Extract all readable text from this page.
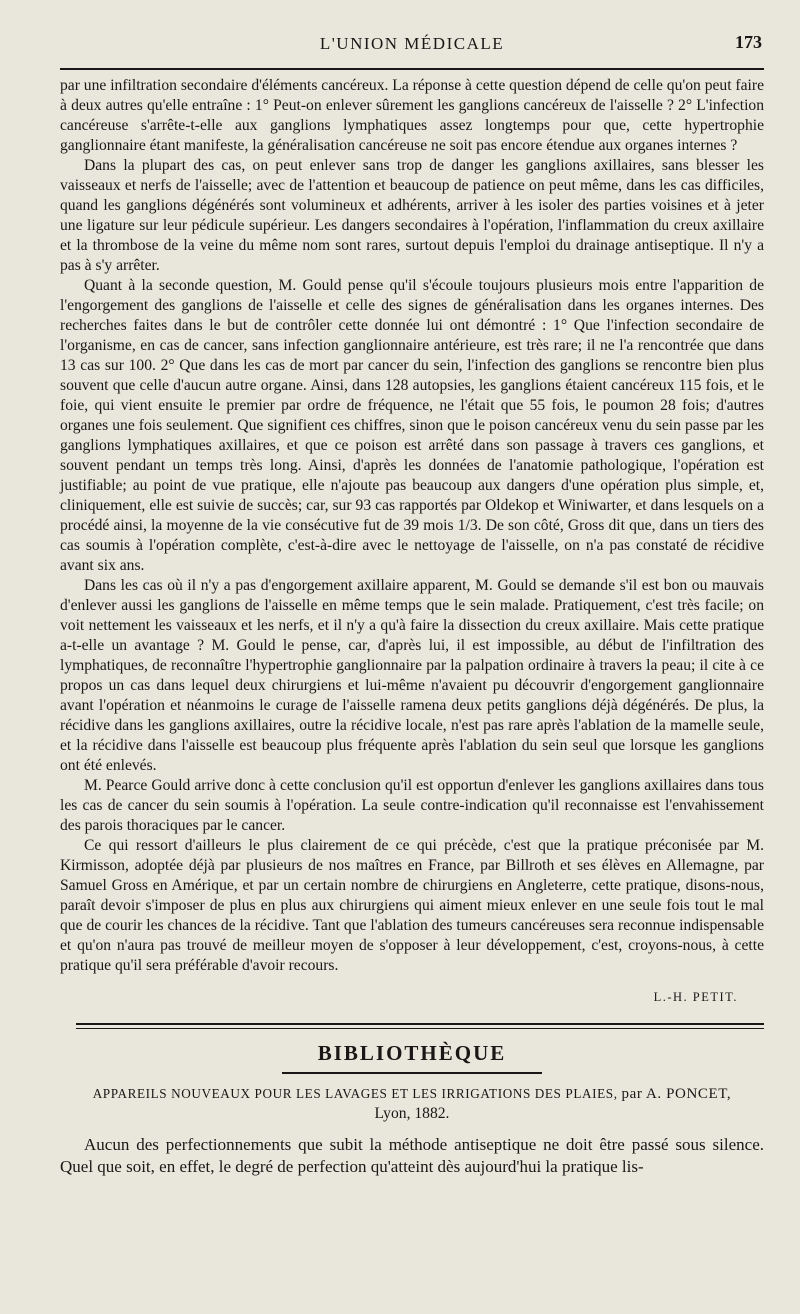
L'UNION MÉDICALE	173

par une infiltration secondaire d'éléments cancéreux. La réponse à cette question dépend de celle qu'on peut faire à deux autres qu'elle entraîne : 1° Peut-on enlever sûrement les ganglions cancéreux de l'aisselle ? 2° L'infection cancéreuse s'arrête-t-elle aux ganglions lymphatiques assez longtemps pour que, cette hypertrophie ganglionnaire étant manifeste, la généralisation cancéreuse ne soit pas encore étendue aux organes internes ?

Dans la plupart des cas, on peut enlever sans trop de danger les ganglions axillaires, sans blesser les vaisseaux et nerfs de l'aisselle; avec de l'attention et beaucoup de patience on peut même, dans les cas difficiles, quand les ganglions dégénérés sont volumineux et adhérents, arriver à les isoler des parties voisines et à jeter une ligature sur leur pédicule supérieur. Les dangers secondaires à l'opération, l'inflammation du creux axillaire et la thrombose de la veine du même nom sont rares, surtout depuis l'emploi du drainage antiseptique. Il n'y a pas à s'y arrêter.

Quant à la seconde question, M. Gould pense qu'il s'écoule toujours plusieurs mois entre l'apparition de l'engorgement des ganglions de l'aisselle et celle des signes de généralisation dans les organes internes. Des recherches faites dans le but de contrôler cette donnée lui ont démontré : 1° Que l'infection secondaire de l'organisme, en cas de cancer, sans infection ganglionnaire antérieure, est très rare; il ne l'a rencontrée que dans 13 cas sur 100. 2° Que dans les cas de mort par cancer du sein, l'infection des ganglions se rencontre bien plus souvent que celle d'aucun autre organe. Ainsi, dans 128 autopsies, les ganglions étaient cancéreux 115 fois, et le foie, qui vient ensuite le premier par ordre de fréquence, ne l'était que 55 fois, le poumon 28 fois; d'autres organes une fois seulement. Que signifient ces chiffres, sinon que le poison cancéreux venu du sein passe par les ganglions lymphatiques axillaires, et que ce poison est arrêté dans son passage à travers ces ganglions, et souvent pendant un temps très long. Ainsi, d'après les données de l'anatomie pathologique, l'opération est justifiable; au point de vue pratique, elle n'ajoute pas beaucoup aux dangers d'une opération plus simple, et, cliniquement, elle est suivie de succès; car, sur 93 cas rapportés par Oldekop et Winiwarter, et dans lesquels on a procédé ainsi, la moyenne de la vie consécutive fut de 39 mois 1/3. De son côté, Gross dit que, dans un tiers des cas soumis à l'opération complète, c'est-à-dire avec le nettoyage de l'aisselle, on n'a pas constaté de récidive avant six ans.

Dans les cas où il n'y a pas d'engorgement axillaire apparent, M. Gould se demande s'il est bon ou mauvais d'enlever aussi les ganglions de l'aisselle en même temps que le sein malade. Pratiquement, c'est très facile; on voit nettement les vaisseaux et les nerfs, et il n'y a qu'à faire la dissection du creux axillaire. Mais cette pratique a-t-elle un avantage ? M. Gould le pense, car, d'après lui, il est impossible, au début de l'infiltration des lymphatiques, de reconnaître l'hypertrophie ganglionnaire par la palpation ordinaire à travers la peau; il cite à ce propos un cas dans lequel deux chirurgiens et lui-même n'avaient pu découvrir d'engorgement ganglionnaire avant l'opération et néanmoins le curage de l'aisselle ramena deux petits ganglions déjà dégénérés. De plus, la récidive dans les ganglions axillaires, outre la récidive locale, n'est pas rare après l'ablation de la mamelle seule, et la récidive dans l'aisselle est beaucoup plus fréquente après l'ablation du sein seul que lorsque les ganglions ont été enlevés.

M. Pearce Gould arrive donc à cette conclusion qu'il est opportun d'enlever les ganglions axillaires dans tous les cas de cancer du sein soumis à l'opération. La seule contre-indication qu'il reconnaisse est l'envahissement des parois thoraciques par le cancer.

Ce qui ressort d'ailleurs le plus clairement de ce qui précède, c'est que la pratique préconisée par M. Kirmisson, adoptée déjà par plusieurs de nos maîtres en France, par Billroth et ses élèves en Allemagne, par Samuel Gross en Amérique, et par un certain nombre de chirurgiens en Angleterre, cette pratique, disons-nous, paraît devoir s'imposer de plus en plus aux chirurgiens qui aiment mieux enlever en une seule fois tout le mal que de courir les chances de la récidive. Tant que l'ablation des tumeurs cancéreuses sera reconnue indispensable et qu'on n'aura pas trouvé de meilleur moyen de s'opposer à leur développement, c'est, croyons-nous, à cette pratique qu'il sera préférable d'avoir recours.

L.-H. PETIT.
BIBLIOTHÈQUE

APPAREILS NOUVEAUX POUR LES LAVAGES ET LES IRRIGATIONS DES PLAIES, par A. PONCET,

Lyon, 1882.

Aucun des perfectionnements que subit la méthode antiseptique ne doit être passé sous silence. Quel que soit, en effet, le degré de perfection qu'atteint dès aujourd'hui la pratique lis-
